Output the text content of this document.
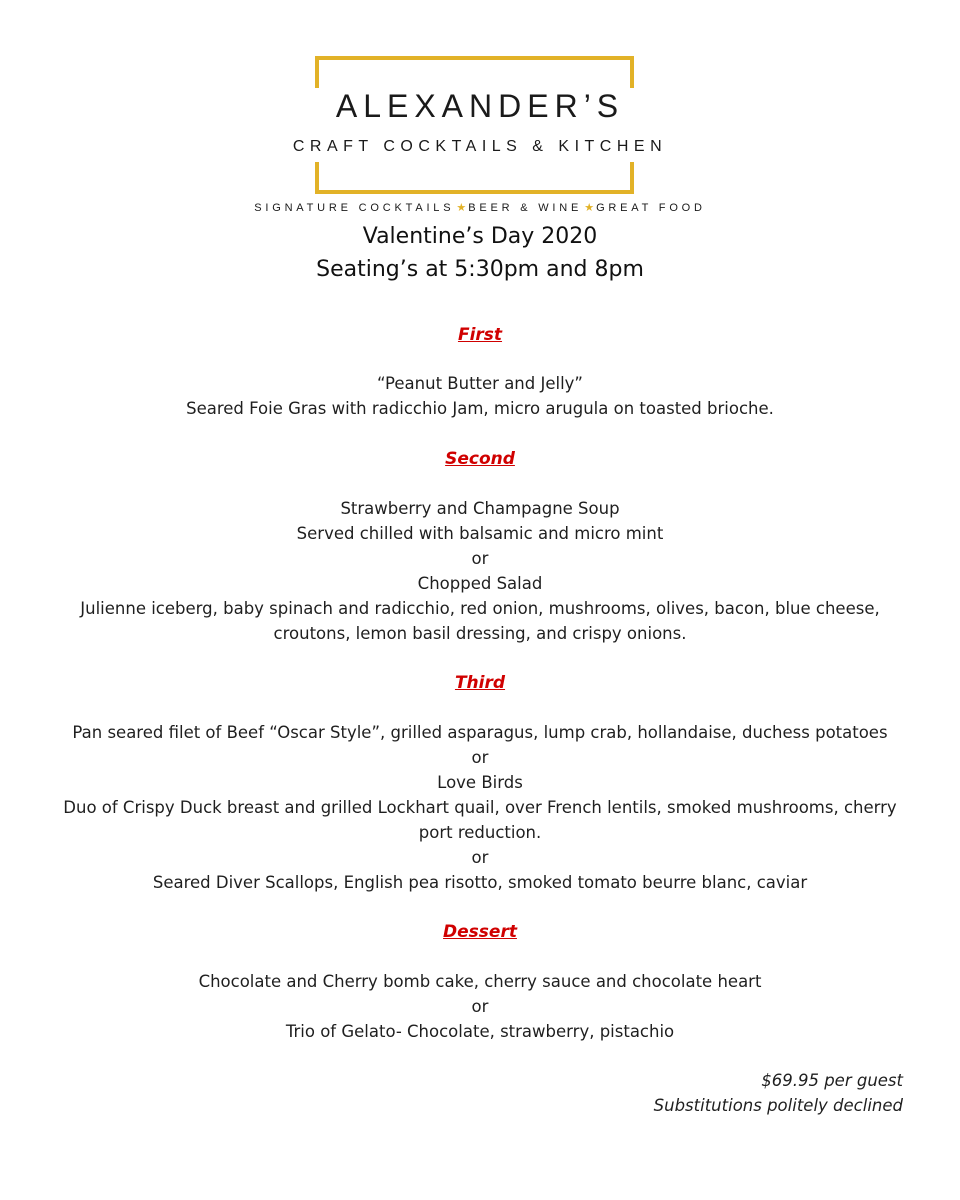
ALEXANDER’S
CRAFT COCKTAILS & KITCHEN
SIGNATURE COCKTAILS ★ BEER & WINE ★ GREAT FOOD
Valentine’s Day 2020
Seating’s at 5:30pm and 8pm
First
“Peanut Butter and Jelly”
Seared Foie Gras with radicchio Jam, micro arugula on toasted brioche.
Second
Strawberry and Champagne Soup
Served chilled with balsamic and micro mint
or
Chopped Salad
Julienne iceberg, baby spinach and radicchio, red onion, mushrooms, olives, bacon, blue cheese,
croutons, lemon basil dressing, and crispy onions.
Third
Pan seared filet of Beef “Oscar Style”, grilled asparagus, lump crab, hollandaise, duchess potatoes
or
Love Birds
Duo of Crispy Duck breast and grilled Lockhart quail, over French lentils, smoked mushrooms, cherry
port reduction.
or
Seared Diver Scallops, English pea risotto, smoked tomato beurre blanc, caviar
Dessert
Chocolate and Cherry bomb cake, cherry sauce and chocolate heart
or
Trio of Gelato- Chocolate, strawberry, pistachio
$69.95 per guest
Substitutions politely declined
